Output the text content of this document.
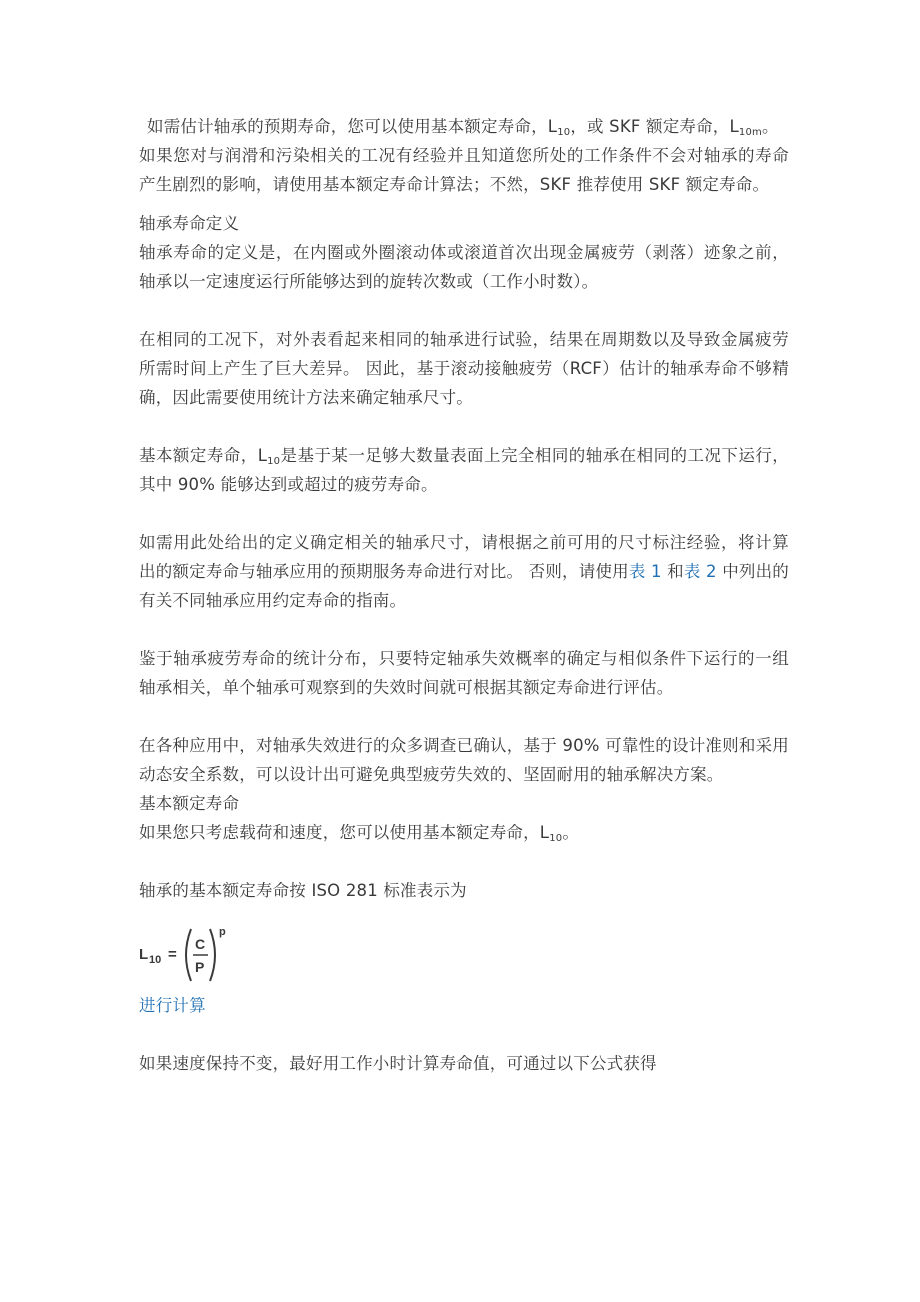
如需估计轴承的预期寿命，您可以使用基本额定寿命，$L_{10}$，或 SKF 额定寿命，$L_{10m}$。

如果您对与润滑和污染相关的工况有经验并且知道您所处的工作条件不会对轴承的寿命产生剧烈的影响，请使用基本额定寿命计算法；不然，SKF 推荐使用 SKF 额定寿命。

轴承寿命定义

轴承寿命的定义是，在内圈或外圈滚动体或滚道首次出现金属疲劳（剥落）迹象之前，轴承以一定速度运行所能够达到的旋转次数或（工作小时数）。

在相同的工况下，对外表看起来相同的轴承进行试验，结果在周期数以及导致金属疲劳所需时间上产生了巨大差异。 因此，基于滚动接触疲劳（RCF）估计的轴承寿命不够精确，因此需要使用统计方法来确定轴承尺寸。

基本额定寿命，$L_{10}$是基于某一足够大数量表面上完全相同的轴承在相同的工况下运行，其中 90% 能够达到或超过的疲劳寿命。

如需用此处给出的定义确定相关的轴承尺寸，请根据之前可用的尺寸标注经验，将计算出的额定寿命与轴承应用的预期服务寿命进行对比。 否则，请使用表 1 和表 2 中列出的有关不同轴承应用约定寿命的指南。

鉴于轴承疲劳寿命的统计分布，只要特定轴承失效概率的确定与相似条件下运行的一组轴承相关，单个轴承可观察到的失效时间就可根据其额定寿命进行评估。

在各种应用中，对轴承失效进行的众多调查已确认，基于 90% 可靠性的设计准则和采用动态安全系数，可以设计出可避免典型疲劳失效的、坚固耐用的轴承解决方案。

基本额定寿命

如果您只考虑载荷和速度，您可以使用基本额定寿命，$L_{10}$。

轴承的基本额定寿命按 ISO 281 标准表示为

L 10 =
C
P
p

进行计算

如果速度保持不变，最好用工作小时计算寿命值，可通过以下公式获得
